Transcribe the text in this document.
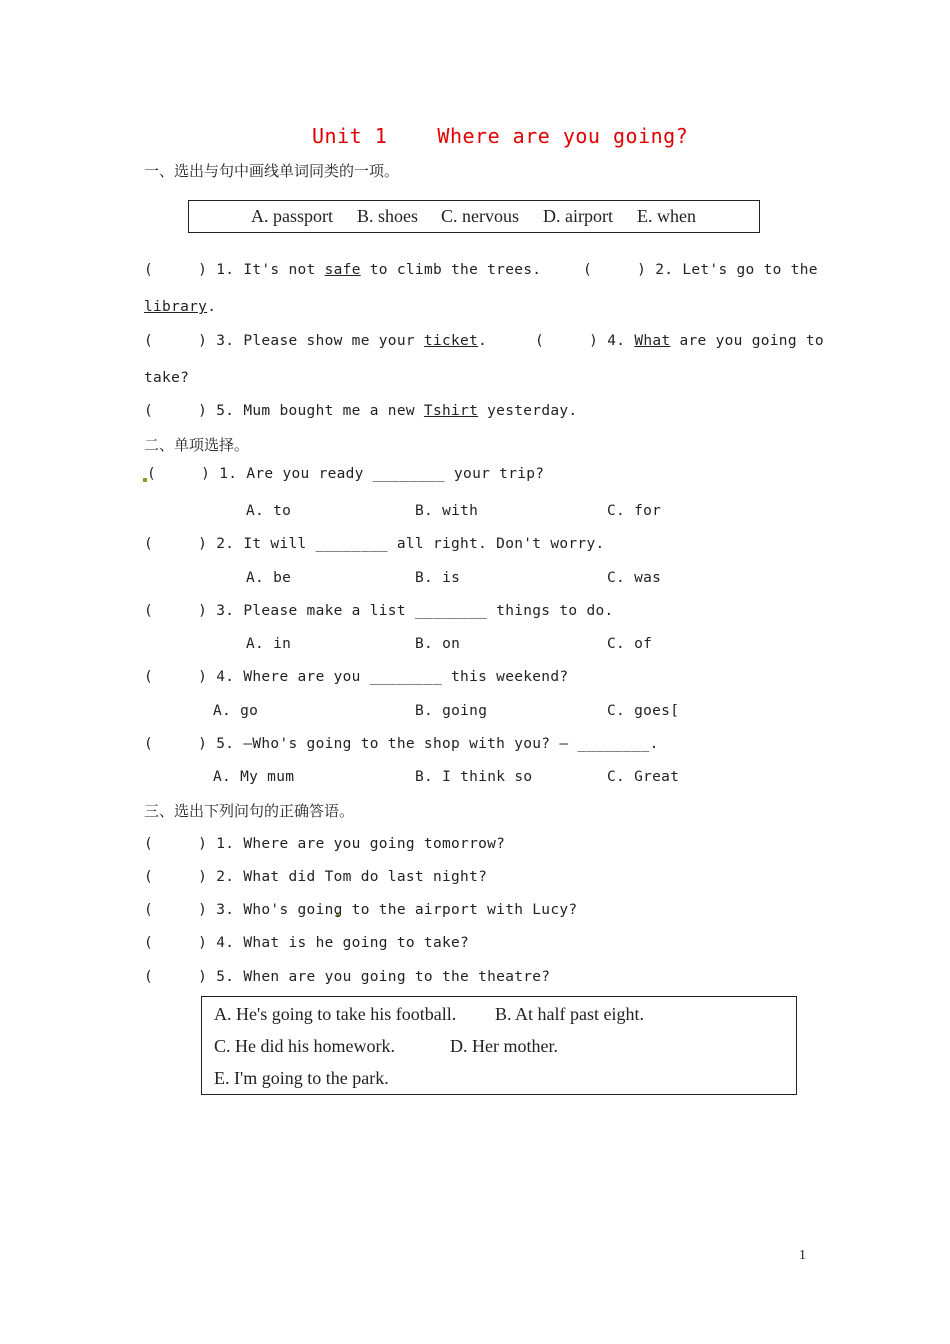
Unit 1    Where are you going?
一、选出与句中画线单词同类的一项。
A. passport B. shoes C. nervous D. airport E. when
(     ) 1. It's not safe to climb the trees.	(     ) 2. Let's go to the
library.
(     ) 3. Please show me your ticket.	(     ) 4. What are you going to
take?
(     ) 5. Mum bought me a new Tshirt yesterday.
二、单项选择。
(     ) 1. Are you ready ________ your trip?
A. to	B. with	C. for
(     ) 2. It will ________ all right. Don't worry.
A. be	B. is	C. was
(     ) 3. Please make a list ________ things to do.
A. in	B. on	C. of
(     ) 4. Where are you ________ this weekend?
A. go	B. going	C. goes[
(     ) 5. —Who's going to the shop with you? — ________.
A. My mum	B. I think so	C. Great
三、选出下列问句的正确答语。
(     ) 1. Where are you going tomorrow?
(     ) 2. What did Tom do last night?
(     ) 3. Who's going to the airport with Lucy?
(     ) 4. What is he going to take?
(     ) 5. When are you going to the theatre?
A. He's going to take his football. B. At half past eight.
C. He did his homework.	D. Her mother.
E. I'm going to the park.
1
